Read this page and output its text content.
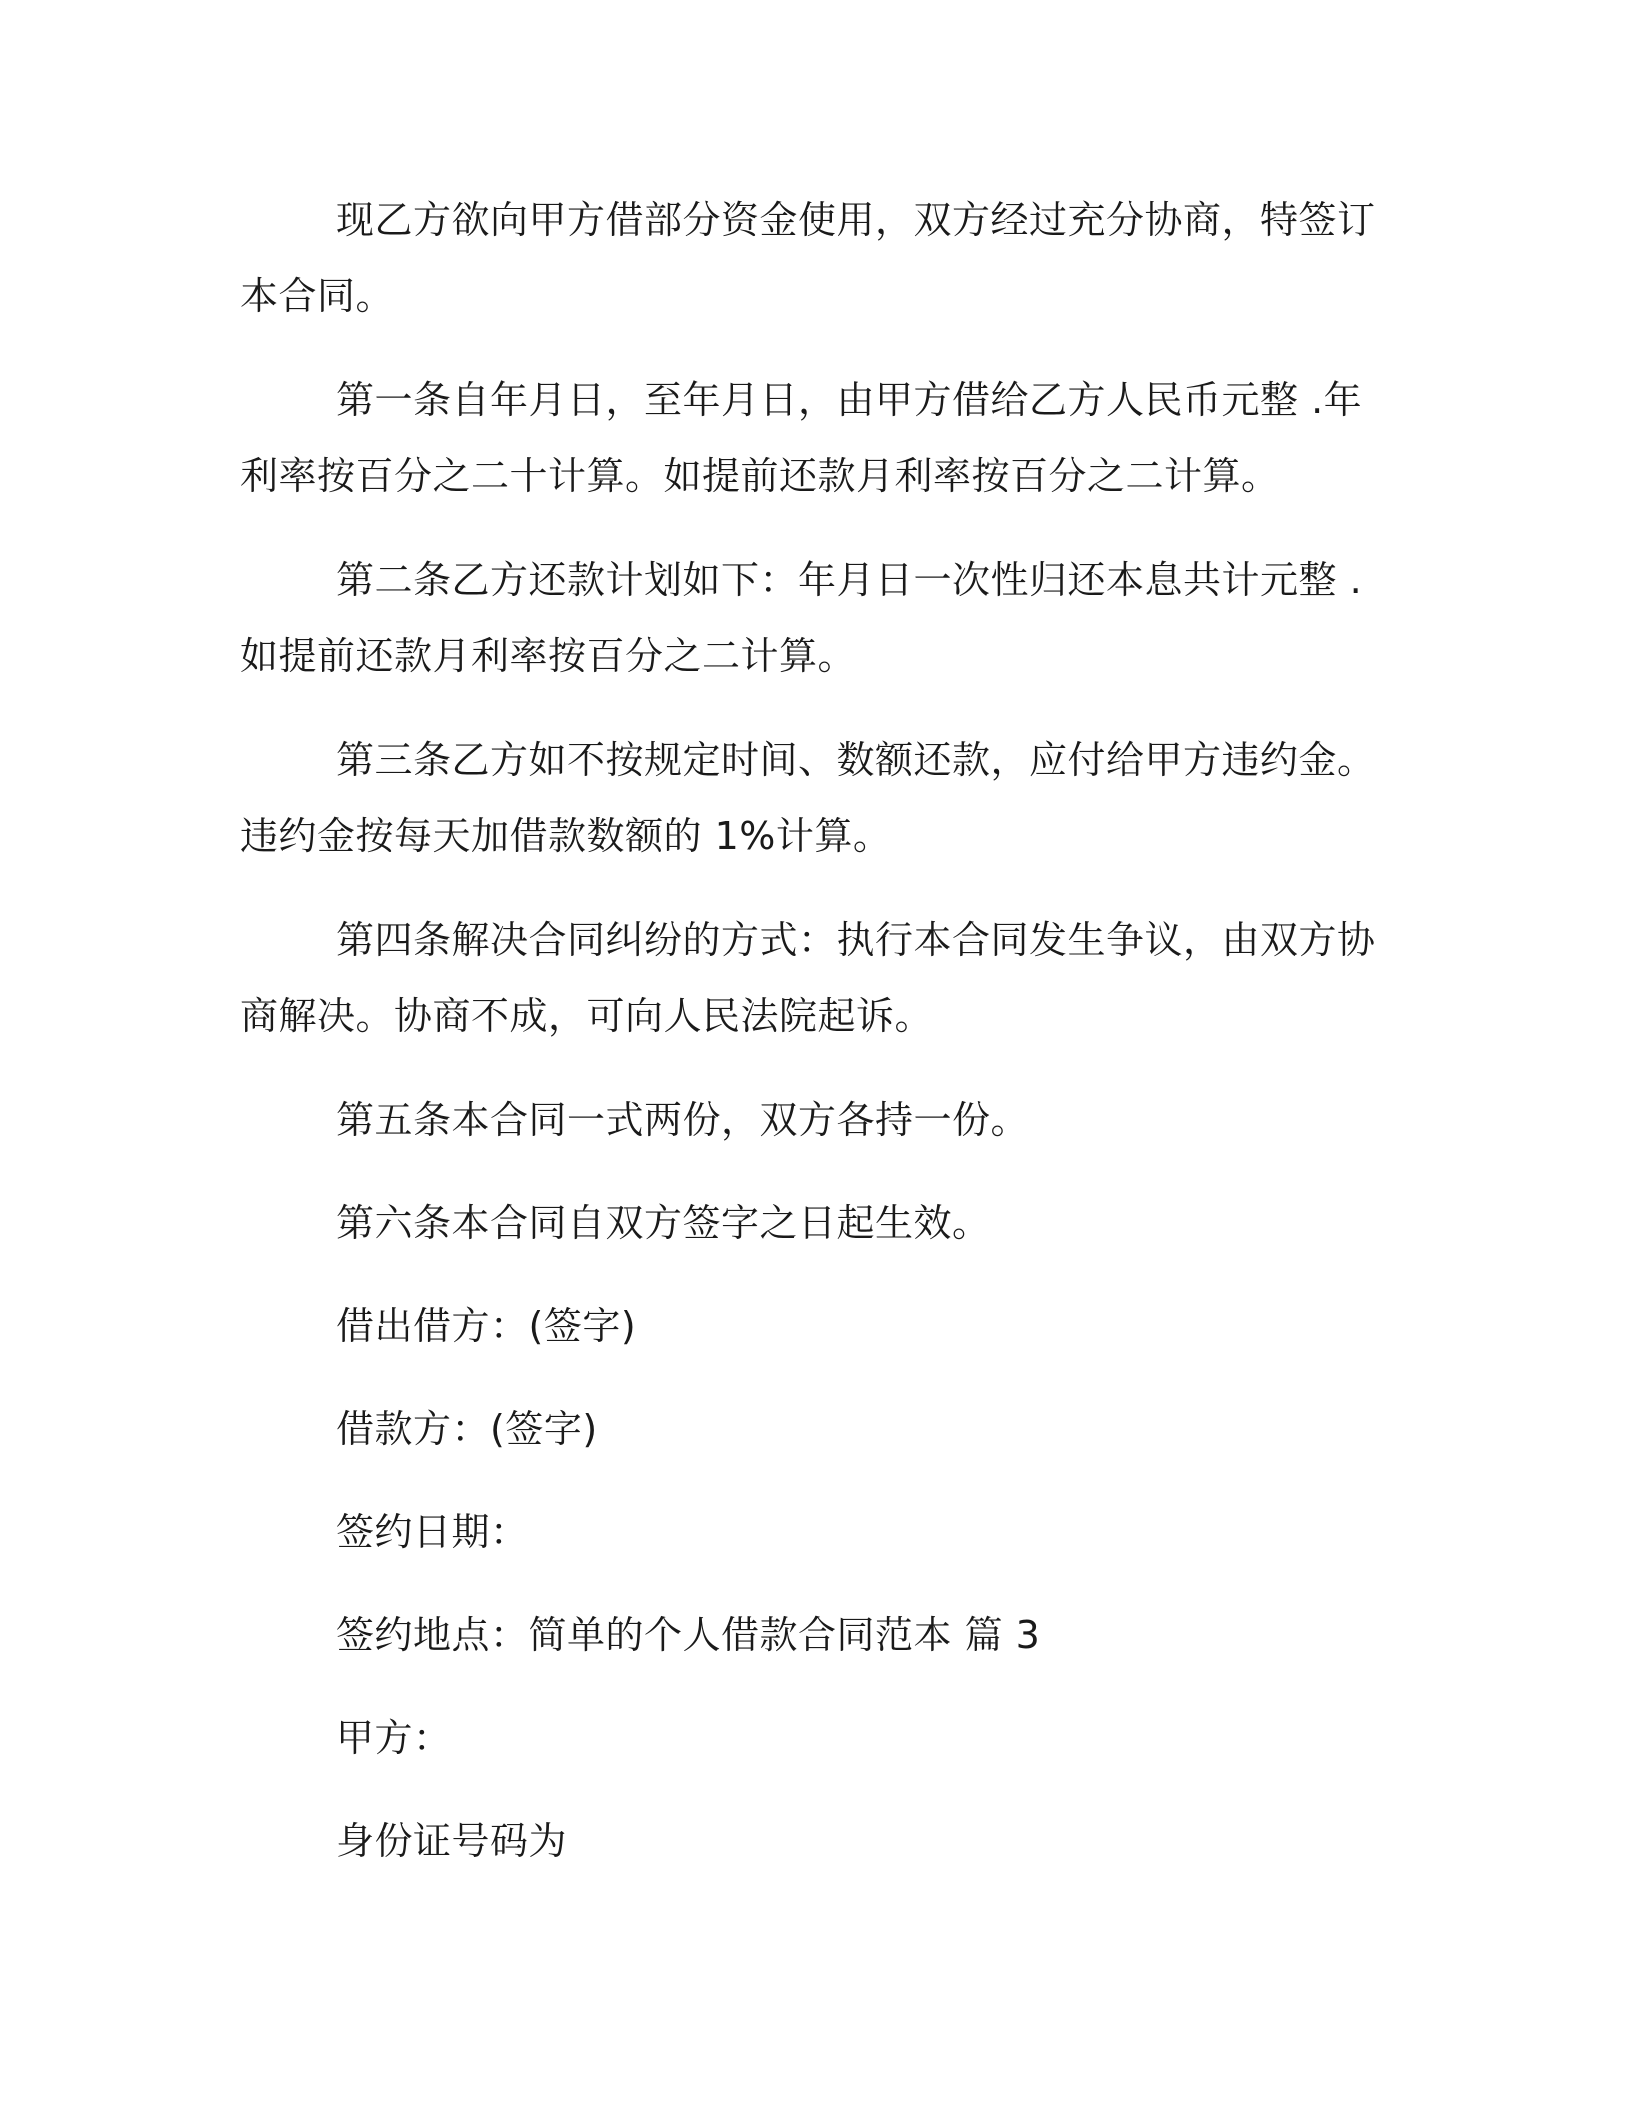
现乙方欲向甲方借部分资金使用，双方经过充分协商，特签订本合同。

第一条自年月日，至年月日，由甲方借给乙方人民币元整 .年利率按百分之二十计算。如提前还款月利率按百分之二计算。

第二条乙方还款计划如下：年月日一次性归还本息共计元整 .如提前还款月利率按百分之二计算。

第三条乙方如不按规定时间、数额还款，应付给甲方违约金。违约金按每天加借款数额的 1%计算。

第四条解决合同纠纷的方式：执行本合同发生争议，由双方协商解决。协商不成，可向人民法院起诉。

第五条本合同一式两份，双方各持一份。

第六条本合同自双方签字之日起生效。

借出借方：(签字)

借款方：(签字)

签约日期：

签约地点：简单的个人借款合同范本 篇 3

甲方：

身份证号码为
